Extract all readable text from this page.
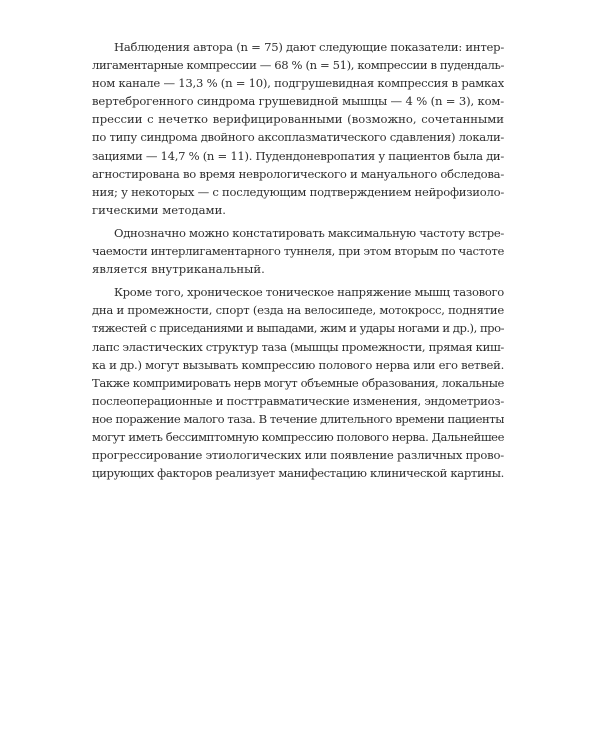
Наблюдения автора (n = 75) дают следующие показатели: интер-
лигаментарные компрессии — 68 % (n = 51), компрессии в пудендаль-
ном канале — 13,3 % (n = 10), подгрушевидная компрессия в рамках
вертеброгенного синдрома грушевидной мышцы — 4 % (n = 3), ком-
прессии с нечетко верифицированными (возможно, сочетанными
по типу синдрома двойного аксоплазматического сдавления) локали-
зациями — 14,7 % (n = 11). Пудендоневропатия у пациентов была ди-
агностирована во время неврологического и мануального обследова-
ния; у некоторых — с последующим подтверждением нейрофизиоло-
гическими методами.

Однозначно можно констатировать максимальную частоту встре-
чаемости интерлигаментарного туннеля, при этом вторым по частоте
является внутриканальный.

Кроме того, хроническое тоническое напряжение мышц тазового
дна и промежности, спорт (езда на велосипеде, мотокросс, поднятие
тяжестей с приседаниями и выпадами, жим и удары ногами и др.), про-
лапс эластических структур таза (мышцы промежности, прямая киш-
ка и др.) могут вызывать компрессию полового нерва или его ветвей.
Также компримировать нерв могут объемные образования, локальные
послеоперационные и посттравматические изменения, эндометриоз-
ное поражение малого таза. В течение длительного времени пациенты
могут иметь бессимптомную компрессию полового нерва. Дальнейшее
прогрессирование этиологических или появление различных прово-
цирующих факторов реализует манифестацию клинической картины.
